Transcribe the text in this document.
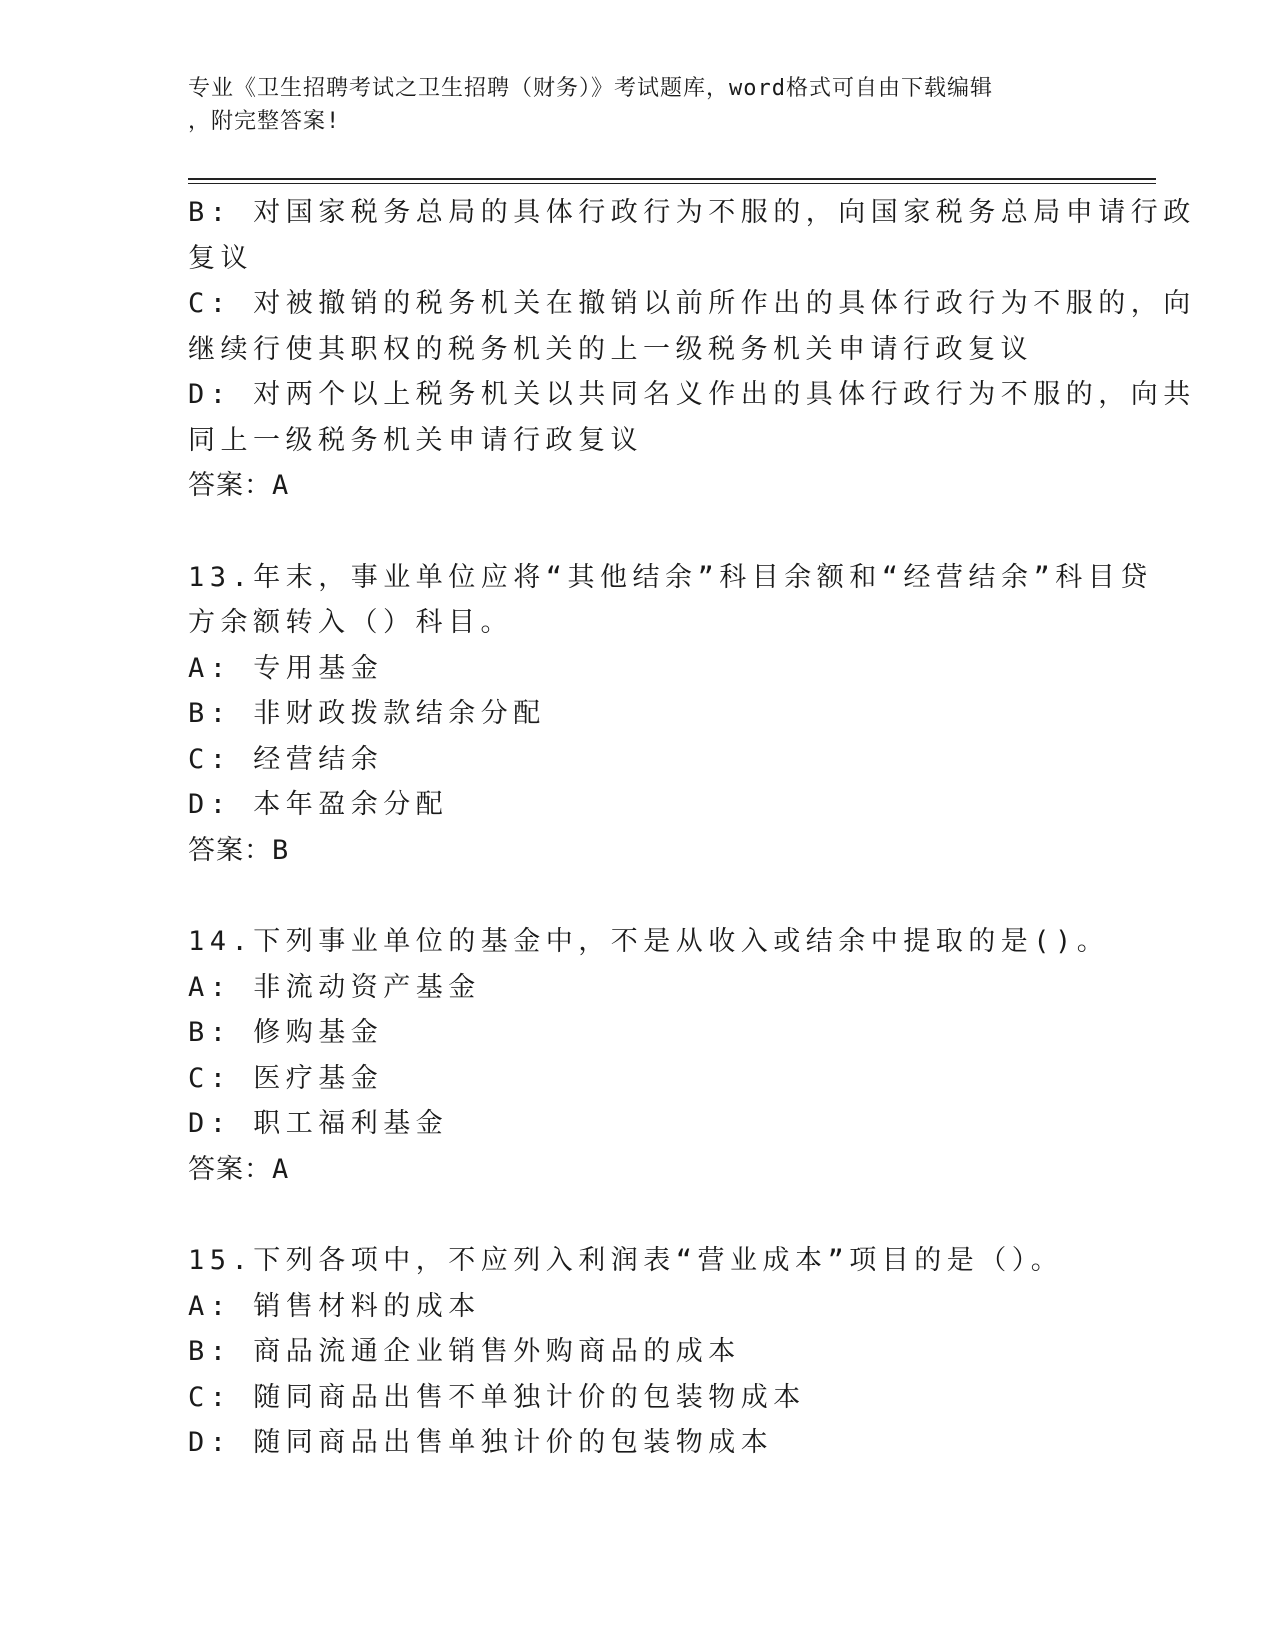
专业《卫生招聘考试之卫生招聘（财务）》考试题库，word格式可自由下载编辑
，附完整答案!

B: 对国家税务总局的具体行政行为不服的，向国家税务总局申请行政

复议

C: 对被撤销的税务机关在撤销以前所作出的具体行政行为不服的，向

继续行使其职权的税务机关的上一级税务机关申请行政复议

D: 对两个以上税务机关以共同名义作出的具体行政行为不服的，向共

同上一级税务机关申请行政复议

答案：A

13.年末，事业单位应将“其他结余”科目余额和“经营结余”科目贷

方余额转入（）科目。

A: 专用基金

B: 非财政拨款结余分配

C: 经营结余

D: 本年盈余分配

答案：B

14.下列事业单位的基金中，不是从收入或结余中提取的是()。

A: 非流动资产基金

B: 修购基金

C: 医疗基金

D: 职工福利基金

答案：A

15.下列各项中，不应列入利润表“营业成本”项目的是（）。

A: 销售材料的成本

B: 商品流通企业销售外购商品的成本

C: 随同商品出售不单独计价的包装物成本

D: 随同商品出售单独计价的包装物成本
